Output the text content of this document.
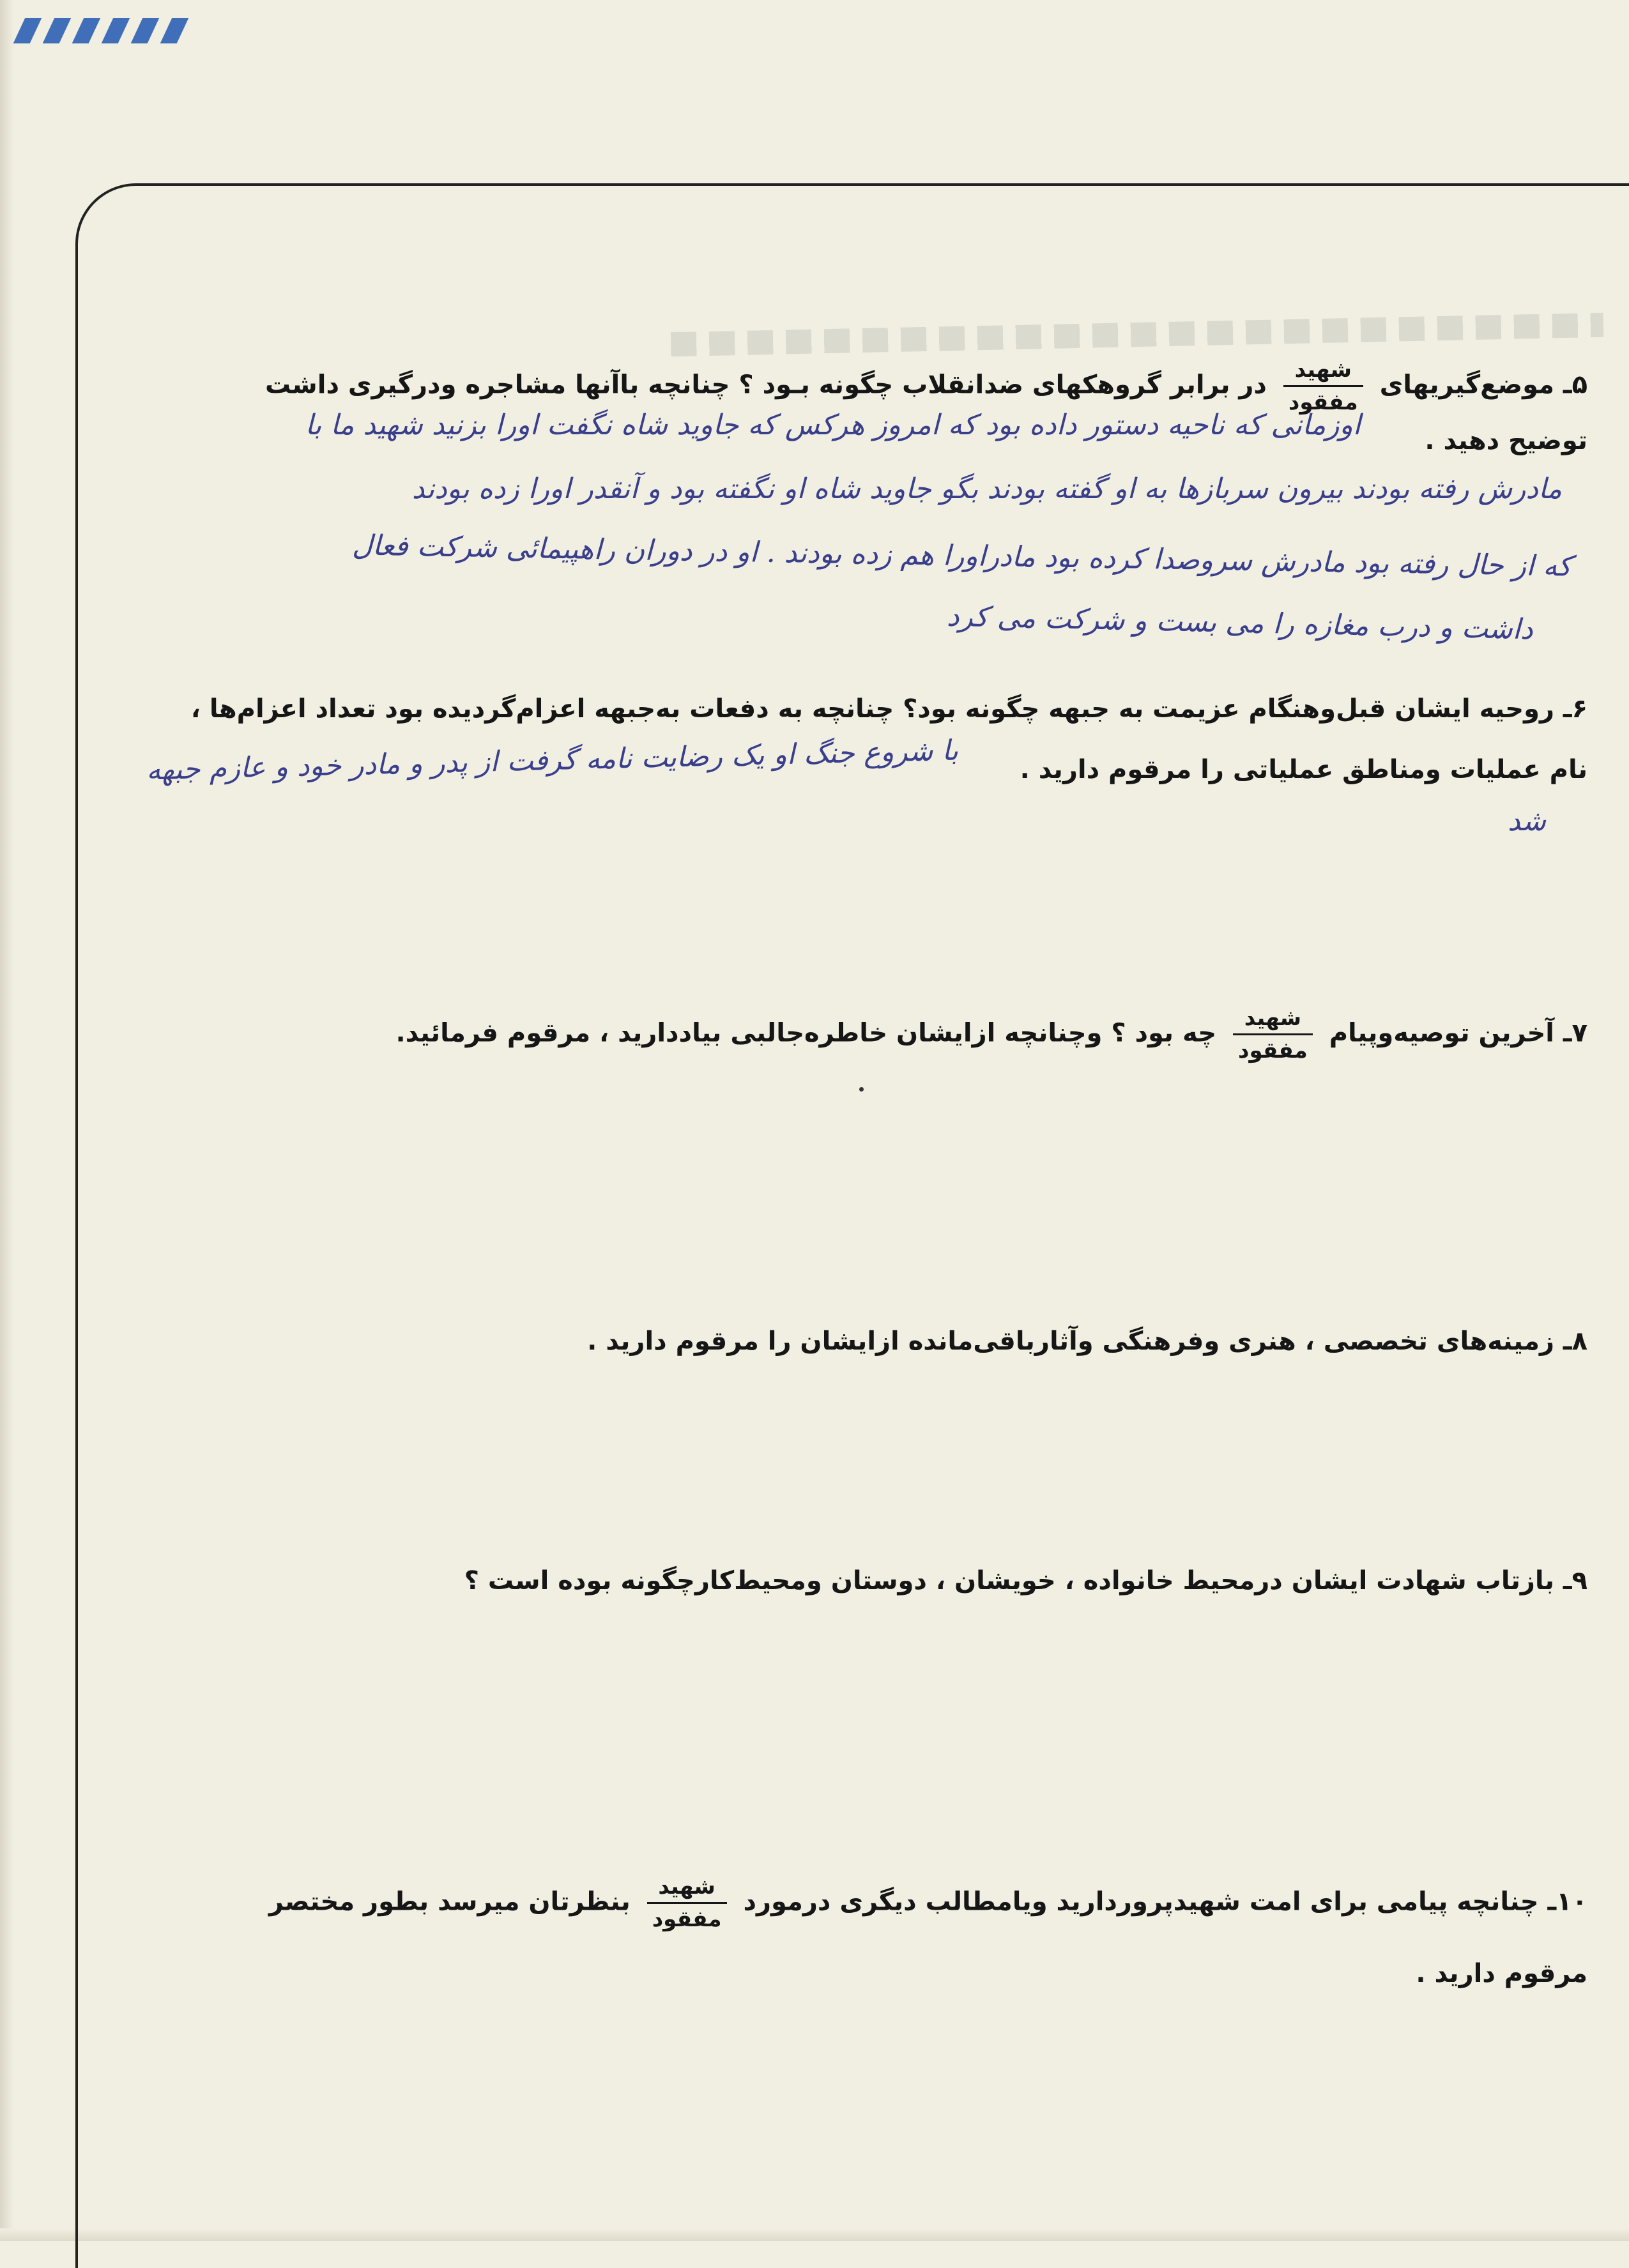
۵ـ موضع‌گیریهای
$\frac{\text{شهید}}{\text{مفقود}}$
در برابر گروهکهای ضدانقلاب چگونه بـود ؟ چنانچه باآنها مشاجره ودرگیری داشت
توضیح دهید .
اوزمانی که ناحیه دستور داده بود که امروز هرکس که جاوید شاه نگفت اورا بزنید شهید ما با
مادرش رفته بودند بیرون سربازها به او گفته بودند بگو جاوید شاه او نگفته بود و آنقدر اورا زده بودند
که از حال رفته بود مادرش سروصدا کرده بود مادراورا هم زده بودند . او در دوران راهپیمائی شرکت فعال
داشت و درب مغازه را می بست و شرکت می کرد
۶ـ روحیه ایشان قبل‌وهنگام عزیمت به جبهه چگونه بود؟ چنانچه به دفعات به‌جبهه اعزام‌گردیده بود تعداد اعزام‌ها ،
نام عملیات ومناطق عملیاتی را مرقوم دارید .
با شروع جنگ او یک رضایت نامه گرفت از پدر و مادر خود و عازم جبهه
شد
۷ـ آخرین توصیه‌وپیام
$\frac{\text{شهید}}{\text{مفقود}}$
چه بود ؟ وچنانچه ازایشان خاطره‌جالبی بیاددارید ، مرقوم فرمائید.
۸ـ زمینه‌های تخصصی ، هنری وفرهنگی وآثارباقی‌مانده ازایشان را مرقوم دارید .
۹ـ بازتاب شهادت ایشان درمحیط خانواده ، خویشان ، دوستان ومحیط‌کارچگونه بوده است ؟
۱۰ـ چنانچه پیامی برای امت شهیدپروردارید ویامطالب دیگری درمورد
$\frac{\text{شهید}}{\text{مفقود}}$
بنظرتان میرسد بطور مختصر
مرقوم دارید .
